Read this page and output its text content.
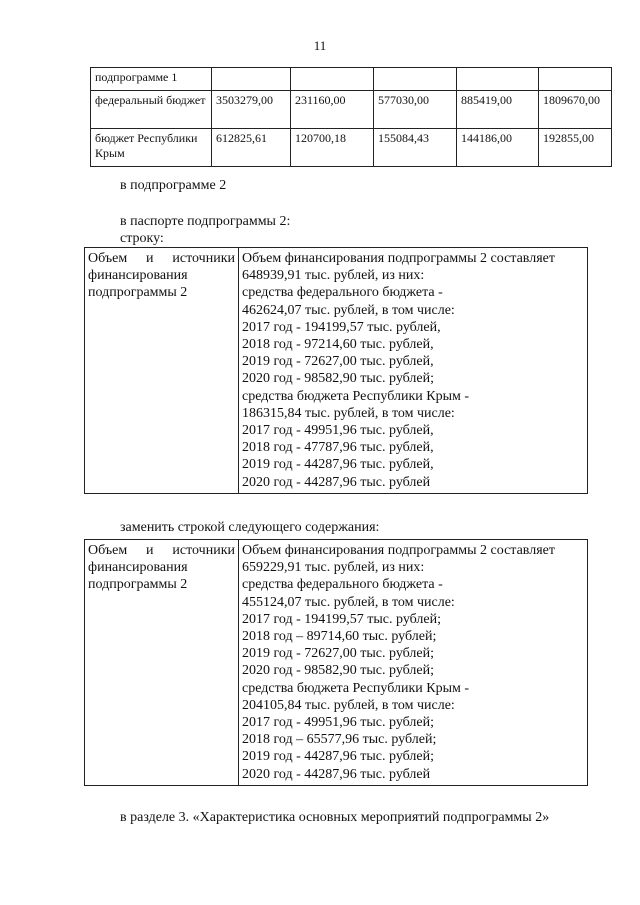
11
подпрограмме 1					
федеральный бюджет	3503279,00	231160,00	577030,00	885419,00	1809670,00
бюджет Республики Крым	612825,61	120700,18	155084,43	144186,00	192855,00
в подпрограмме 2
в паспорте подпрограммы 2:
строку:
Объем и источники
финансирования
подпрограммы 2

Объем финансирования подпрограммы 2 составляет
648939,91 тыс. рублей, из них:
средства федерального бюджета -
462624,07 тыс. рублей, в том числе:
2017 год - 194199,57 тыс. рублей,
2018 год - 97214,60 тыс. рублей,
2019 год - 72627,00 тыс. рублей,
2020 год - 98582,90 тыс. рублей;
средства бюджета Республики Крым -
186315,84 тыс. рублей, в том числе:
2017 год - 49951,96 тыс. рублей,
2018 год - 47787,96 тыс. рублей,
2019 год - 44287,96 тыс. рублей,
2020 год - 44287,96 тыс. рублей
заменить строкой следующего содержания:
Объем и источники
финансирования
подпрограммы 2

Объем финансирования подпрограммы 2 составляет
659229,91 тыс. рублей, из них:
средства федерального бюджета -
455124,07 тыс. рублей, в том числе:
2017 год - 194199,57 тыс. рублей;
2018 год – 89714,60 тыс. рублей;
2019 год - 72627,00 тыс. рублей;
2020 год - 98582,90 тыс. рублей;
средства бюджета Республики Крым -
204105,84 тыс. рублей, в том числе:
2017 год - 49951,96 тыс. рублей;
2018 год – 65577,96 тыс. рублей;
2019 год - 44287,96 тыс. рублей;
2020 год - 44287,96 тыс. рублей
в разделе 3. «Характеристика основных мероприятий подпрограммы 2»
